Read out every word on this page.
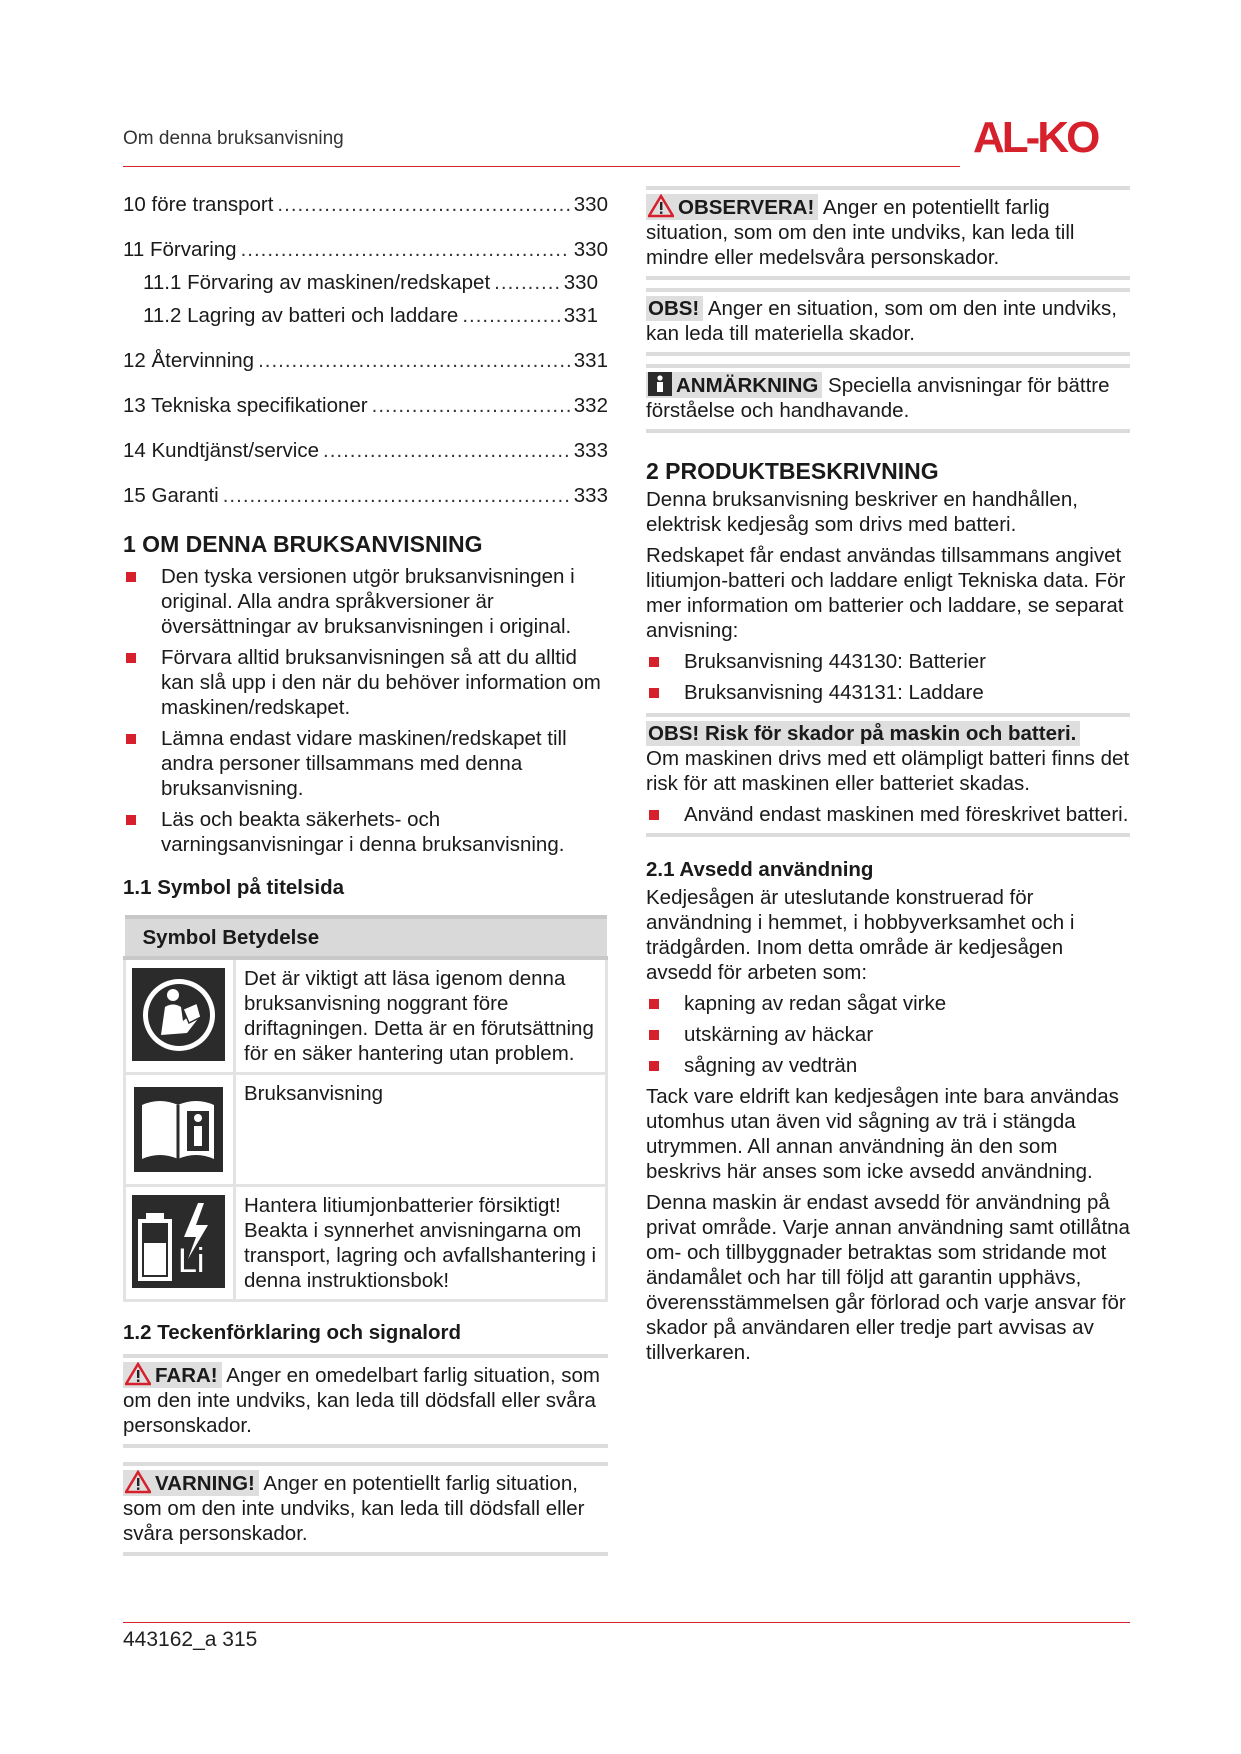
Om denna bruksanvisning	AL-KO
10 före transport .....	330
11 Förvaring .....	330
11.1 Förvaring av maskinen/redskapet .....	330
11.2 Lagring av batteri och laddare .....	331
12 Återvinning .....	331
13 Tekniska specifikationer .....	332
14 Kundtjänst/service .....	333
15 Garanti .....	333
1 OM DENNA BRUKSANVISNING
Den tyska versionen utgör bruksanvisningen i original. Alla andra språkversioner är översättningar av bruksanvisningen i original.
Förvara alltid bruksanvisningen så att du alltid kan slå upp i den när du behöver information om maskinen/redskapet.
Lämna endast vidare maskinen/redskapet till andra personer tillsammans med denna bruksanvisning.
Läs och beakta säkerhets- och varningsanvisningar i denna bruksanvisning.
1.1 Symbol på titelsida
Symbol Betydelse	

	Det är viktigt att läsa igenom denna bruksanvisning noggrant före driftagningen. Detta är en förutsättning för en säker hantering utan problem.

	Bruksanvisning

Li	Hantera litiumjonbatterier försiktigt! Beakta i synnerhet anvisningarna om transport, lagring och avfallshantering i denna instruktionsbok!
1.2 Teckenförklaring och signalord
FARA! Anger en omedelbart farlig situation, som om den inte undviks, kan leda till dödsfall eller svåra personskador.
VARNING! Anger en potentiellt farlig situation, som om den inte undviks, kan leda till dödsfall eller svåra personskador.
OBSERVERA! Anger en potentiellt farlig situation, som om den inte undviks, kan leda till mindre eller medelsvåra personskador.
OBS! Anger en situation, som om den inte undviks, kan leda till materiella skador.
ANMÄRKNING Speciella anvisningar för bättre förståelse och handhavande.
2 PRODUKTBESKRIVNING

Denna bruksanvisning beskriver en handhållen, elektrisk kedjesåg som drivs med batteri.

Redskapet får endast användas tillsammans angivet litiumjon-batteri och laddare enligt Tekniska data. För mer information om batterier och laddare, se separat anvisning:

Bruksanvisning 443130: Batterier
Bruksanvisning 443131: Laddare
OBS! Risk för skador på maskin och batteri.

Om maskinen drivs med ett olämpligt batteri finns det risk för att maskinen eller batteriet skadas.

Använd endast maskinen med föreskrivet batteri.
2.1 Avsedd användning

Kedjesågen är uteslutande konstruerad för användning i hemmet, i hobbyverksamhet och i trädgården. Inom detta område är kedjesågen avsedd för arbeten som:

kapning av redan sågat virke
utskärning av häckar
sågning av vedträn

Tack vare eldrift kan kedjesågen inte bara användas utomhus utan även vid sågning av trä i stängda utrymmen. All annan användning än den som beskrivs här anses som icke avsedd användning.

Denna maskin är endast avsedd för användning på privat område. Varje annan användning samt otillåtna om- och tillbyggnader betraktas som stridande mot ändamålet och har till följd att garantin upphävs, överensstämmelsen går förlorad och varje ansvar för skador på användaren eller tredje part avvisas av tillverkaren.

443162_a 315
